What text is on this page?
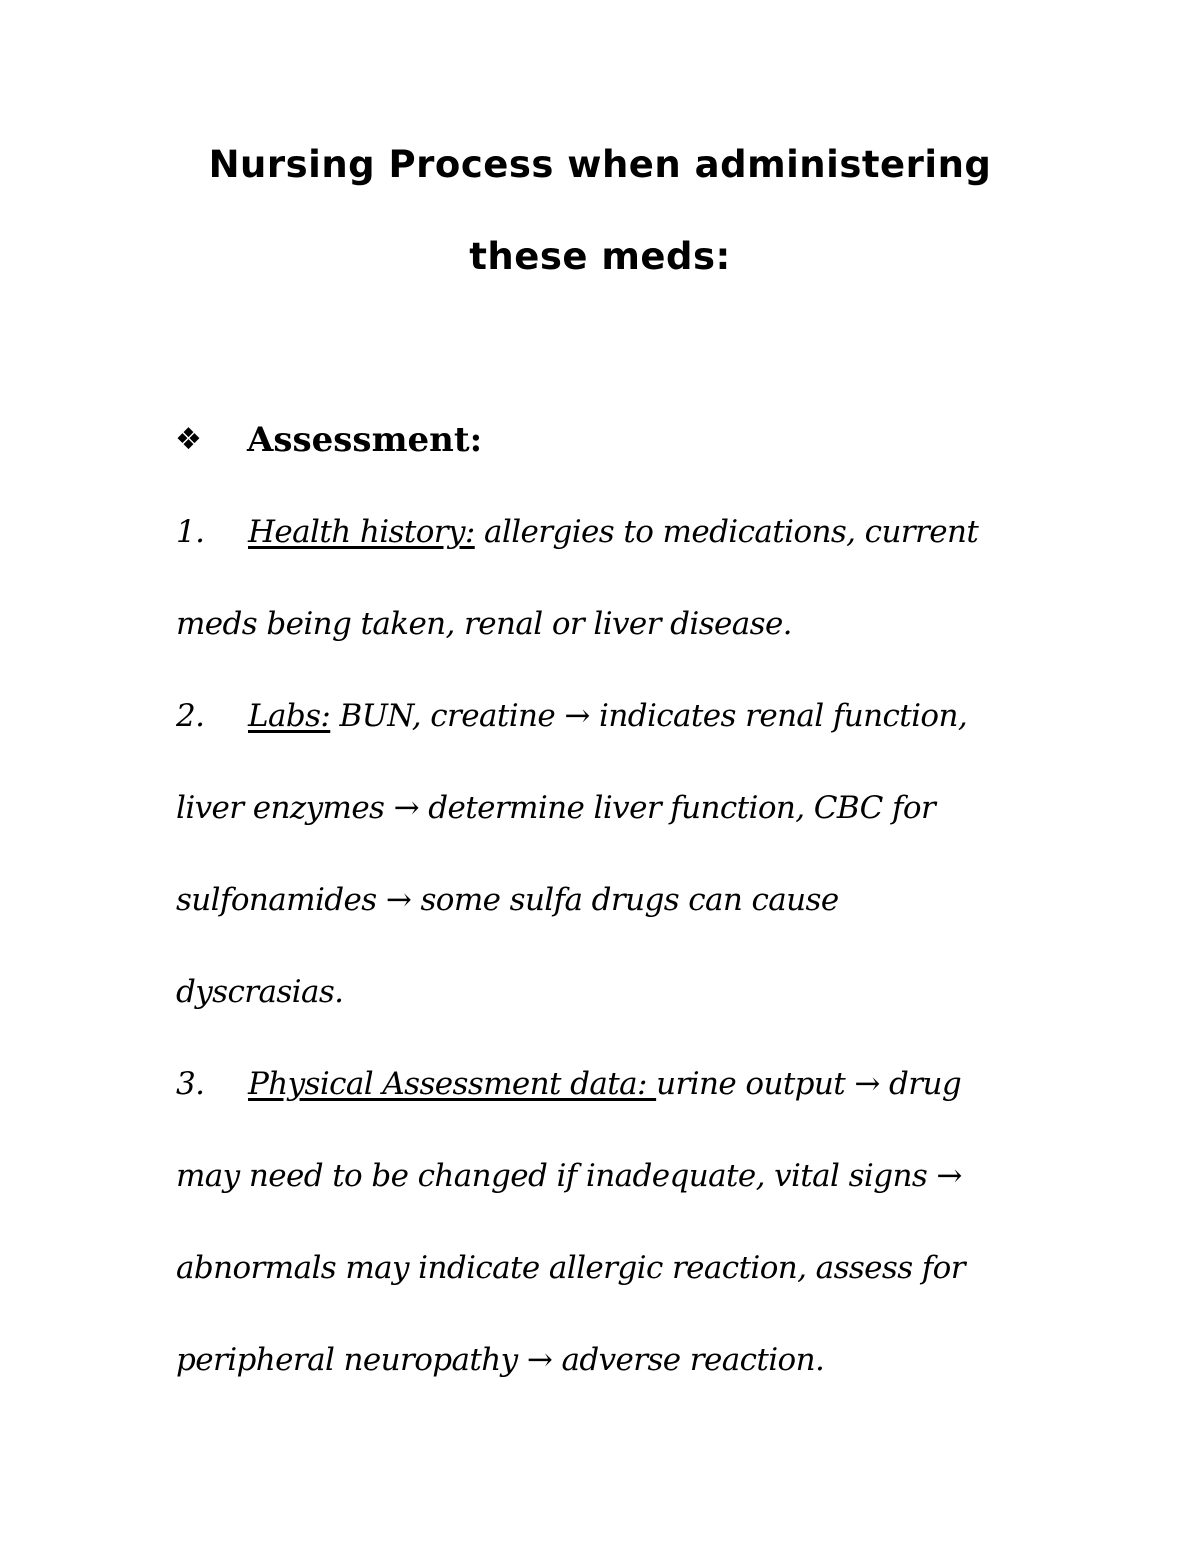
Nursing Process when administering
these meds:
❖ Assessment:
1. Health history: allergies to medications, current
meds being taken, renal or liver disease.
2. Labs: BUN, creatine → indicates renal function,
liver enzymes → determine liver function, CBC for
sulfonamides → some sulfa drugs can cause
dyscrasias.
3. Physical Assessment data: urine output → drug
may need to be changed if inadequate, vital signs →
abnormals may indicate allergic reaction, assess for
peripheral neuropathy → adverse reaction.
